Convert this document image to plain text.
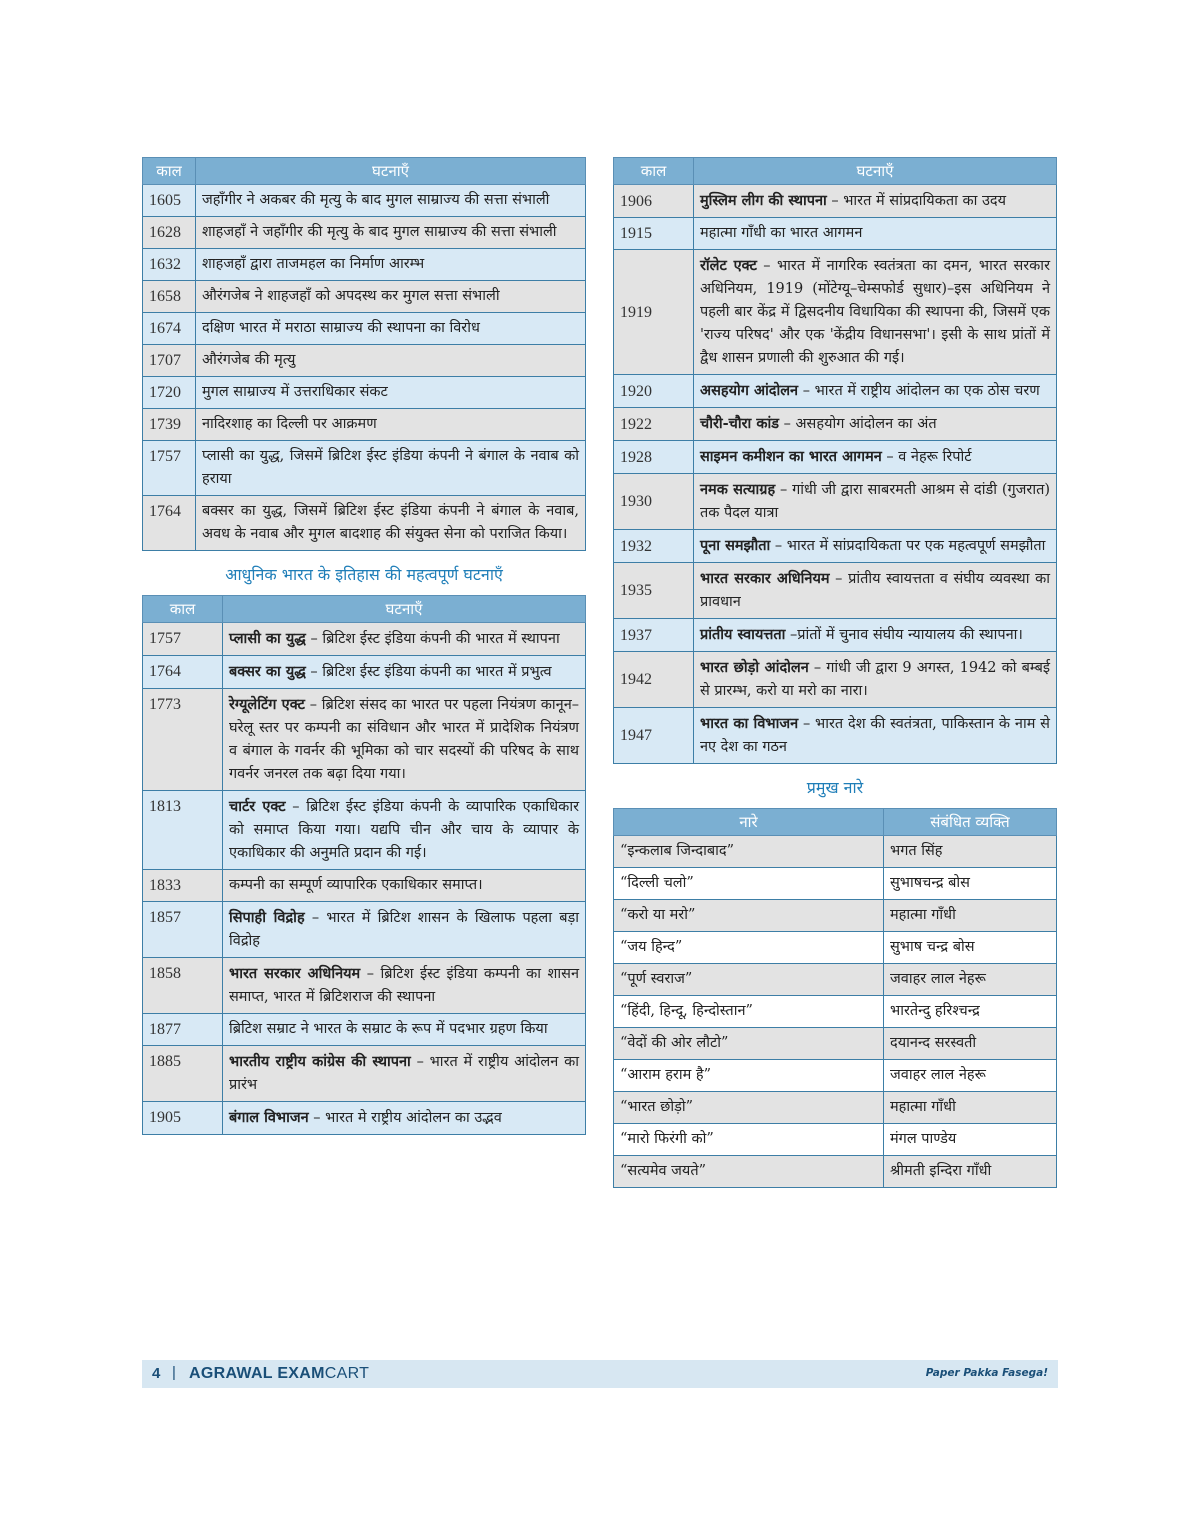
काल	घटनाएँ
1605	जहाँगीर ने अकबर की मृत्यु के बाद मुगल साम्राज्य की सत्ता संभाली
1628	शाहजहाँ ने जहाँगीर की मृत्यु के बाद मुगल साम्राज्य की सत्ता संभाली
1632	शाहजहाँ द्वारा ताजमहल का निर्माण आरम्भ
1658	औरंगजेब ने शाहजहाँ को अपदस्थ कर मुगल सत्ता संभाली
1674	दक्षिण भारत में मराठा साम्राज्य की स्थापना का विरोध
1707	औरंगजेब की मृत्यु
1720	मुगल साम्राज्य में उत्तराधिकार संकट
1739	नादिरशाह का दिल्ली पर आक्रमण
1757	प्लासी का युद्ध, जिसमें ब्रिटिश ईस्ट इंडिया कंपनी ने बंगाल के नवाब को हराया
1764	बक्सर का युद्ध, जिसमें ब्रिटिश ईस्ट इंडिया कंपनी ने बंगाल के नवाब, अवध के नवाब और मुगल बादशाह की संयुक्त सेना को पराजित किया।
आधुनिक भारत के इतिहास की महत्वपूर्ण घटनाएँ
काल	घटनाएँ
1757	प्लासी का युद्ध – ब्रिटिश ईस्ट इंडिया कंपनी की भारत में स्थापना
1764	बक्सर का युद्ध – ब्रिटिश ईस्ट इंडिया कंपनी का भारत में प्रभुत्व
1773	रेग्यूलेटिंग एक्ट – ब्रिटिश संसद का भारत पर पहला नियंत्रण कानून–घरेलू स्तर पर कम्पनी का संविधान और भारत में प्रादेशिक नियंत्रण व बंगाल के गवर्नर की भूमिका को चार सदस्यों की परिषद के साथ गवर्नर जनरल तक बढ़ा दिया गया।
1813	चार्टर एक्ट – ब्रिटिश ईस्ट इंडिया कंपनी के व्यापारिक एकाधिकार को समाप्त किया गया। यद्यपि चीन और चाय के व्यापार के एकाधिकार की अनुमति प्रदान की गई।
1833	कम्पनी का सम्पूर्ण व्यापारिक एकाधिकार समाप्त।
1857	सिपाही विद्रोह – भारत में ब्रिटिश शासन के खिलाफ पहला बड़ा विद्रोह
1858	भारत सरकार अधिनियम – ब्रिटिश ईस्ट इंडिया कम्पनी का शासन समाप्त, भारत में ब्रिटिशराज की स्थापना
1877	ब्रिटिश सम्राट ने भारत के सम्राट के रूप में पदभार ग्रहण किया
1885	भारतीय राष्ट्रीय कांग्रेस की स्थापना – भारत में राष्ट्रीय आंदोलन का प्रारंभ
1905	बंगाल विभाजन – भारत मे राष्ट्रीय आंदोलन का उद्भव
काल	घटनाएँ
1906	मुस्लिम लीग की स्थापना – भारत में सांप्रदायिकता का उदय
1915	महात्मा गाँधी का भारत आगमन
1919	रॉलेट एक्ट – भारत में नागरिक स्वतंत्रता का दमन, भारत सरकार अधिनियम, 1919 (मोंटेग्यू–चेम्सफोर्ड सुधार)–इस अधिनियम ने पहली बार केंद्र में द्विसदनीय विधायिका की स्थापना की, जिसमें एक 'राज्य परिषद' और एक 'केंद्रीय विधानसभा'। इसी के साथ प्रांतों में द्वैध शासन प्रणाली की शुरुआत की गई।
1920	असहयोग आंदोलन – भारत में राष्ट्रीय आंदोलन का एक ठोस चरण
1922	चौरी-चौरा कांड – असहयोग आंदोलन का अंत
1928	साइमन कमीशन का भारत आगमन – व नेहरू रिपोर्ट
1930	नमक सत्याग्रह – गांधी जी द्वारा साबरमती आश्रम से दांडी (गुजरात) तक पैदल यात्रा
1932	पूना समझौता – भारत में सांप्रदायिकता पर एक महत्वपूर्ण समझौता
1935	भारत सरकार अधिनियम – प्रांतीय स्वायत्तता व संघीय व्यवस्था का प्रावधान
1937	प्रांतीय स्वायत्तता –प्रांतों में चुनाव संघीय न्यायालय की स्थापना।
1942	भारत छोड़ो आंदोलन – गांधी जी द्वारा 9 अगस्त, 1942 को बम्बई से प्रारम्भ, करो या मरो का नारा।
1947	भारत का विभाजन – भारत देश की स्वतंत्रता, पाकिस्तान के नाम से नए देश का गठन
प्रमुख नारे
नारे	संबंधित व्यक्ति
“इन्कलाब जिन्दाबाद”	भगत सिंह
“दिल्ली चलो”	सुभाषचन्द्र बोस
“करो या मरो”	महात्मा गाँधी
“जय हिन्द”	सुभाष चन्द्र बोस
“पूर्ण स्वराज”	जवाहर लाल नेहरू
“हिंदी, हिन्दू, हिन्दोस्तान”	भारतेन्दु हरिश्चन्द्र
“वेदों की ओर लौटो”	दयानन्द सरस्वती
“आराम हराम है”	जवाहर लाल नेहरू
“भारत छोड़ो”	महात्मा गाँधी
“मारो फिरंगी को”	मंगल पाण्डेय
“सत्यमेव जयते”	श्रीमती इन्दिरा गाँधी
4 | AGRAWAL EXAMCART	Paper Pakka Fasega!
